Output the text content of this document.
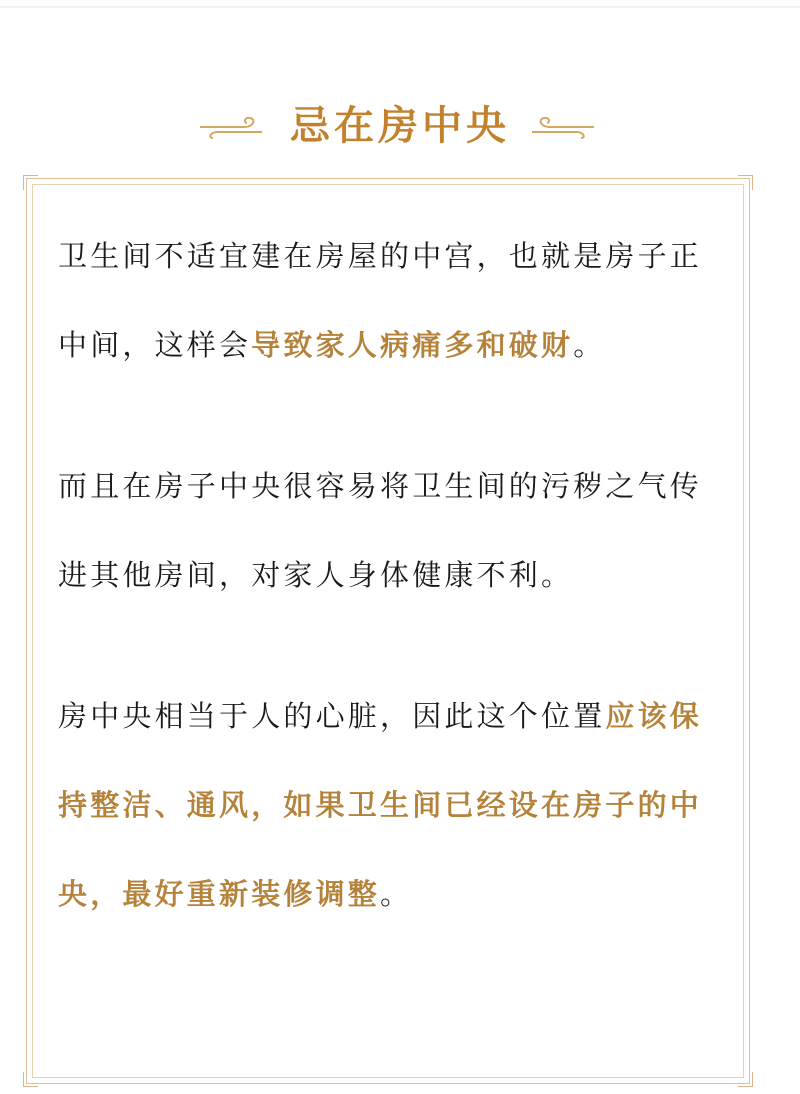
忌在房中央

卫生间不适宜建在房屋的中宫，也就是房子正中间，这样会导致家人病痛多和破财。

而且在房子中央很容易将卫生间的污秽之气传进其他房间，对家人身体健康不利。

房中央相当于人的心脏，因此这个位置应该保持整洁、通风，如果卫生间已经设在房子的中央，最好重新装修调整。
